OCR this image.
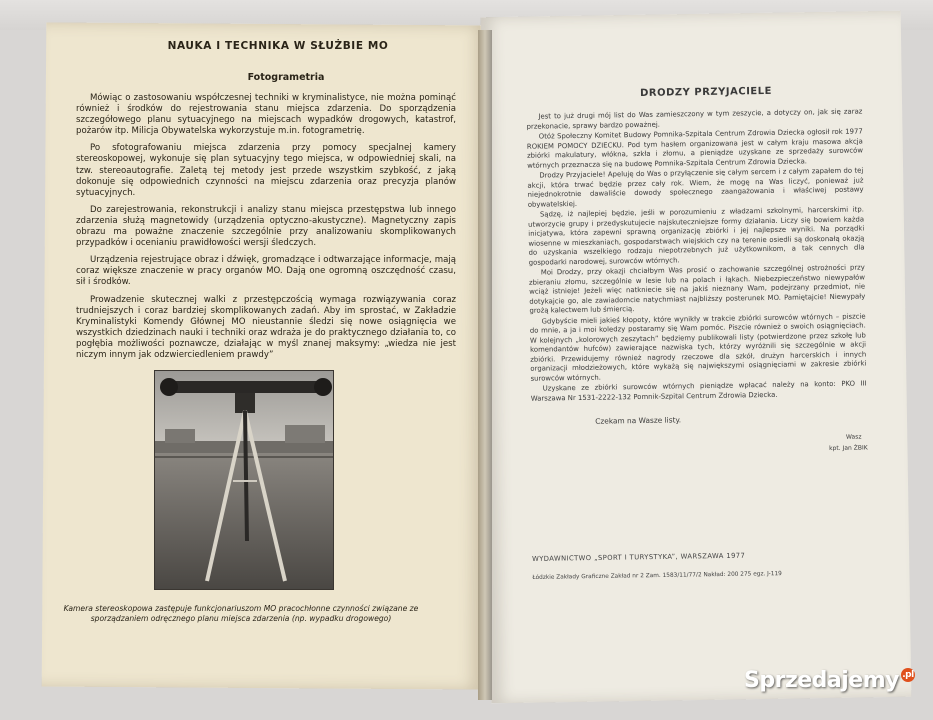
NAUKA I TECHNIKA W SŁUŻBIE MO
Fotogrametria

Mówiąc o zastosowaniu współczesnej techniki w kryminalistyce, nie można pominąć również i środków do rejestrowania stanu miejsca zdarzenia. Do sporządzenia szczegółowego planu sytuacyjnego na miejscach wypadków drogowych, katastrof, pożarów itp. Milicja Obywatelska wykorzystuje m.in. fotogrametrię.

Po sfotografowaniu miejsca zdarzenia przy pomocy specjalnej kamery stereoskopowej, wykonuje się plan sytuacyjny tego miejsca, w odpowiedniej skali, na tzw. stereoautografie. Zaletą tej metody jest przede wszystkim szybkość, z jaką dokonuje się odpowiednich czynności na miejscu zdarzenia oraz precyzja planów sytuacyjnych.

Do zarejestrowania, rekonstrukcji i analizy stanu miejsca przestępstwa lub innego zdarzenia służą magnetowidy (urządzenia optyczno-akustyczne). Magnetyczny zapis obrazu ma poważne znaczenie szczególnie przy analizowaniu skomplikowanych przypadków i ocenianiu prawidłowości wersji śledczych.

Urządzenia rejestrujące obraz i dźwięk, gromadzące i odtwarzające informacje, mają coraz większe znaczenie w pracy organów MO. Dają one ogromną oszczędność czasu, sił i środków.

Prowadzenie skutecznej walki z przestępczością wymaga rozwiązywania coraz trudniejszych i coraz bardziej skomplikowanych zadań. Aby im sprostać, w Zakładzie Kryminalistyki Komendy Głównej MO nieustannie śledzi się nowe osiągnięcia we wszystkich dziedzinach nauki i techniki oraz wdraża je do praktycznego działania to, co pogłębia możliwości poznawcze, działając w myśl znanej maksymy: „wiedza nie jest niczym innym jak odzwierciedleniem prawdy”

Kamera stereoskopowa zastępuje funkcjonariuszom MO pracochłonne czynności związane ze sporządzaniem odręcznego planu miejsca zdarzenia (np. wypadku drogowego)
DRODZY PRZYJACIELE

Jest to już drugi mój list do Was zamieszczony w tym zeszycie, a dotyczy on, jak się zaraz przekonacie, sprawy bardzo poważnej.

Otóż Społeczny Komitet Budowy Pomnika-Szpitala Centrum Zdrowia Dziecka ogłosił rok 1977 ROKIEM POMOCY DZIECKU. Pod tym hasłem organizowana jest w całym kraju masowa akcja zbiórki makulatury, włókna, szkła i złomu, a pieniądze uzyskane ze sprzedaży surowców wtórnych przeznacza się na budowę Pomnika-Szpitala Centrum Zdrowia Dziecka.

Drodzy Przyjaciele! Apeluję do Was o przyłączenie się całym sercem i z całym zapałem do tej akcji, która trwać będzie przez cały rok. Wiem, że mogę na Was liczyć, ponieważ już niejednokrotnie dawaliście dowody społecznego zaangażowania i właściwej postawy obywatelskiej.

Sądzę, iż najlepiej będzie, jeśli w porozumieniu z władzami szkolnymi, harcerskimi itp. utworzycie grupy i przedyskutujecie najskuteczniejsze formy działania. Liczy się bowiem każda inicjatywa, która zapewni sprawną organizację zbiórki i jej najlepsze wyniki. Na porządki wiosenne w mieszkaniach, gospodarstwach wiejskich czy na terenie osiedli są doskonałą okazją do uzyskania wszelkiego rodzaju niepotrzebnych już użytkownikom, a tak cennych dla gospodarki narodowej, surowców wtórnych.

Moi Drodzy, przy okazji chciałbym Was prosić o zachowanie szczególnej ostrożności przy zbieraniu złomu, szczególnie w lesie lub na polach i łąkach. Niebezpieczeństwo niewypałów wciąż istnieje! Jeżeli więc natkniecie się na jakiś nieznany Wam, podejrzany przedmiot, nie dotykajcie go, ale zawiadomcie natychmiast najbliższy posterunek MO. Pamiętajcie! Niewypały grożą kalectwem lub śmiercią.

Gdybyście mieli jakieś kłopoty, które wynikły w trakcie zbiórki surowców wtórnych – piszcie do mnie, a ja i moi koledzy postaramy się Wam pomóc. Piszcie również o swoich osiągnięciach. W kolejnych „kolorowych zeszytach” będziemy publikowali listy (potwierdzone przez szkołę lub komendantów hufców) zawierające nazwiska tych, którzy wyróżnili się szczególnie w akcji zbiórki. Przewidujemy również nagrody rzeczowe dla szkół, drużyn harcerskich i innych organizacji młodzieżowych, które wykażą się największymi osiągnięciami w zakresie zbiórki surowców wtórnych.

Uzyskane ze zbiórki surowców wtórnych pieniądze wpłacać należy na konto: PKO III Warszawa Nr 1531-2222-132 Pomnik-Szpital Centrum Zdrowia Dziecka.

Czekam na Wasze listy.
Wasz
kpt. Jan ŻBIK
WYDAWNICTWO „SPORT I TURYSTYKA”, WARSZAWA 1977
Łódzkie Zakłady Graficzne Zakład nr 2 Zam. 1583/11/77/2 Nakład: 200 275 egz. J-119
Sprzedajemy .pl
